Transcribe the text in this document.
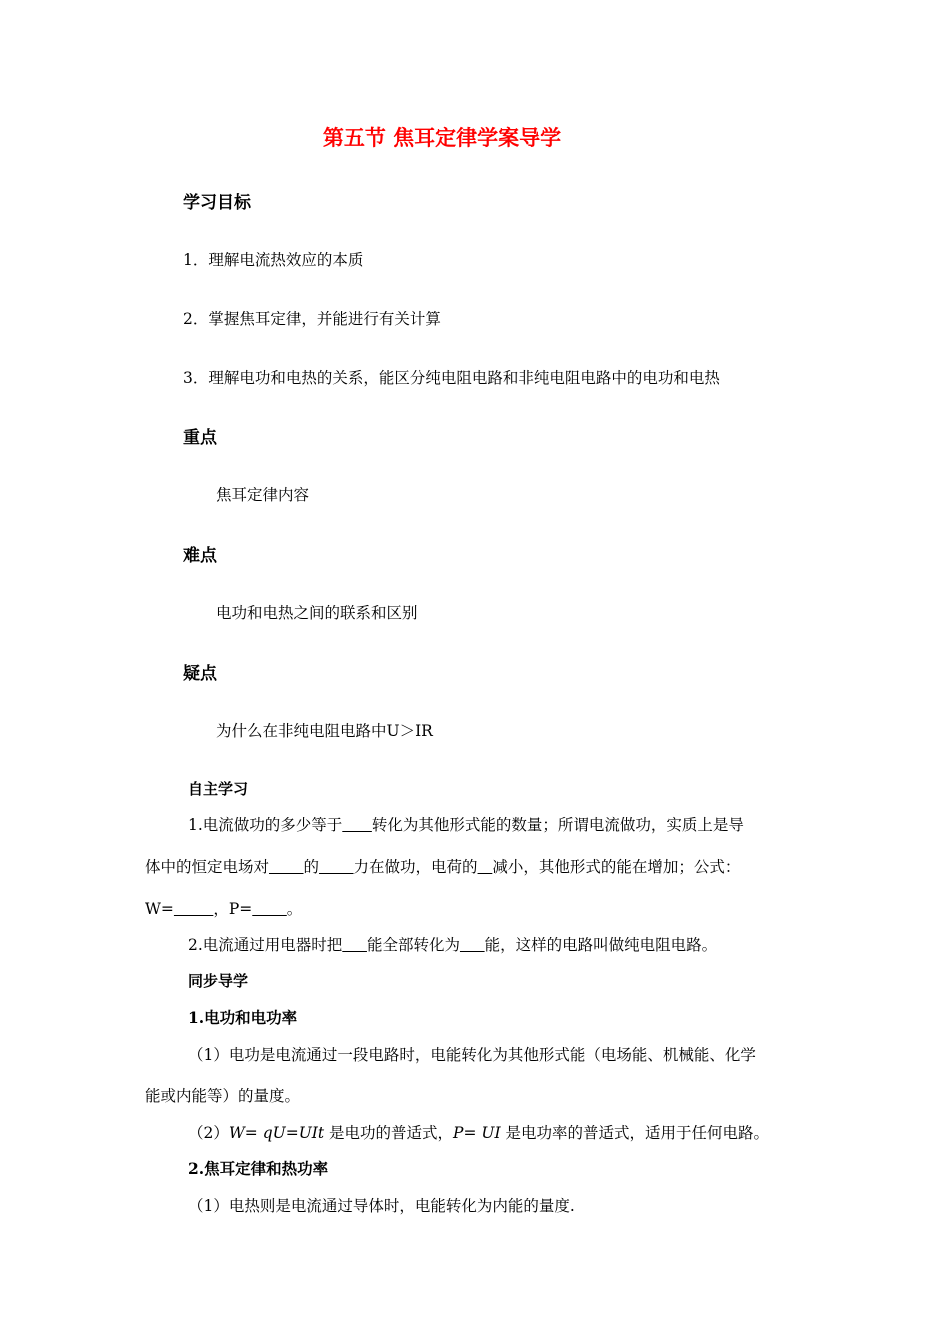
第五节 焦耳定律学案导学
学习目标
1．理解电流热效应的本质
2．掌握焦耳定律，并能进行有关计算
3．理解电功和电热的关系，能区分纯电阻电路和非纯电阻电路中的电功和电热
重点
焦耳定律内容
难点
电功和电热之间的联系和区别
疑点
为什么在非纯电阻电路中U＞IR
自主学习
1.电流做功的多少等于 转化为其他形式能的数量；所谓电流做功，实质上是导
体中的恒定电场对 的 力在做功，电荷的 减小，其他形式的能在增加；公式：
W=	，P= 。
2.电流通过用电器时把 能全部转化为 能，这样的电路叫做纯电阻电路。
同步导学
1.电功和电功率
（1）电功是电流通过一段电路时，电能转化为其他形式能（电场能、机械能、化学
能或内能等）的量度。
（2）W= qU=UIt 是电功的普适式，P= UI 是电功率的普适式，适用于任何电路。
2.焦耳定律和热功率
（1）电热则是电流通过导体时，电能转化为内能的量度.
